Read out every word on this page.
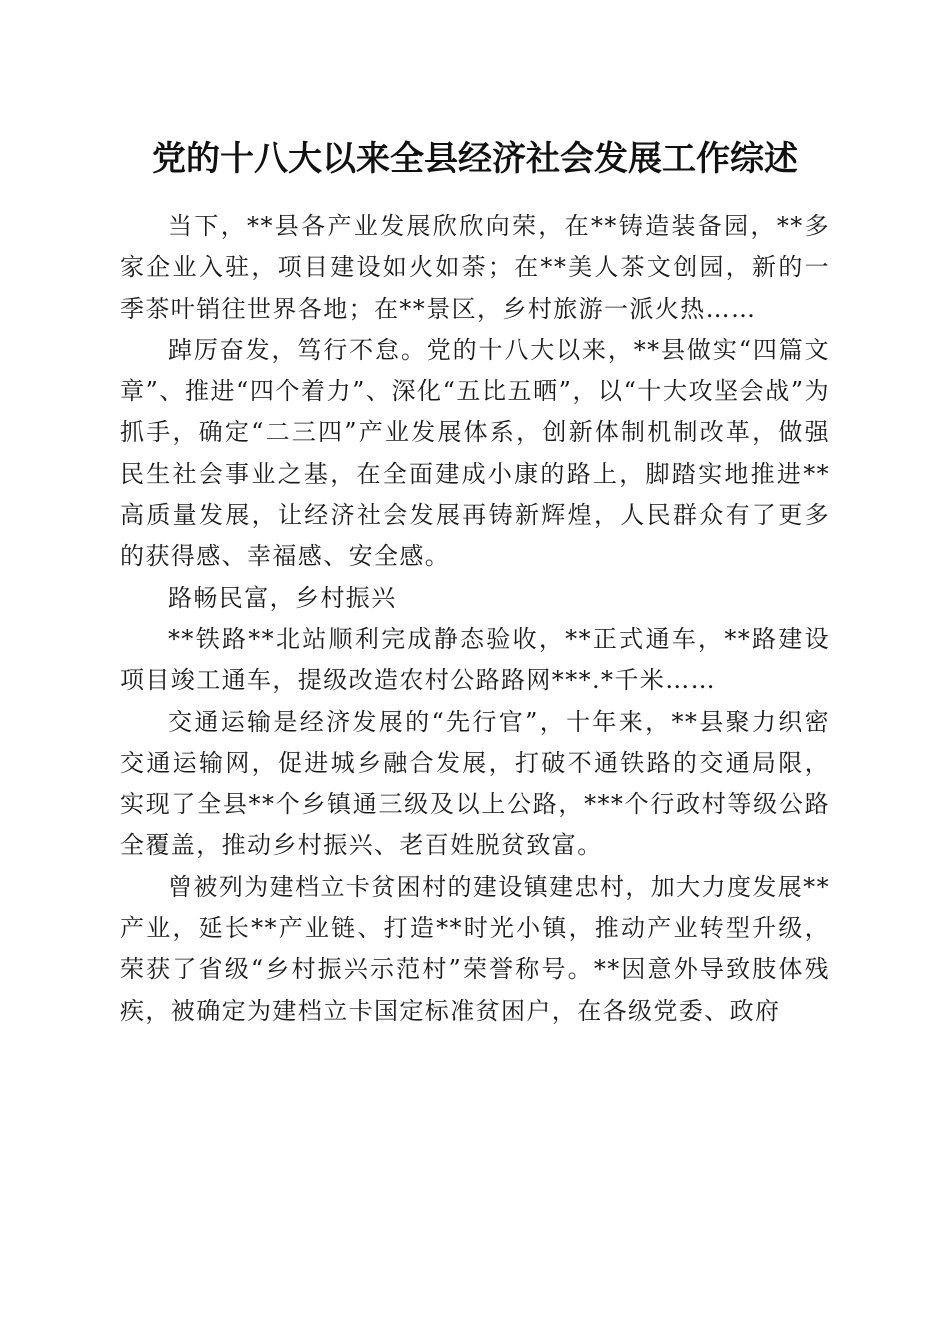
党的十八大以来全县经济社会发展工作综述

当下，**县各产业发展欣欣向荣，在**铸造装备园，**多家企业入驻，项目建设如火如荼；在**美人茶文创园，新的一季茶叶销往世界各地；在**景区，乡村旅游一派火热……

踔厉奋发，笃行不怠。党的十八大以来，**县做实“四篇文章”、推进“四个着力”、深化“五比五晒”，以“十大攻坚会战”为抓手，确定“二三四”产业发展体系，创新体制机制改革，做强民生社会事业之基，在全面建成小康的路上，脚踏实地推进**高质量发展，让经济社会发展再铸新辉煌，人民群众有了更多的获得感、幸福感、安全感。

路畅民富，乡村振兴

**铁路**北站顺利完成静态验收，**正式通车，**路建设项目竣工通车，提级改造农村公路路网***.*千米……

交通运输是经济发展的“先行官”，十年来，**县聚力织密交通运输网，促进城乡融合发展，打破不通铁路的交通局限，实现了全县**个乡镇通三级及以上公路，***个行政村等级公路全覆盖，推动乡村振兴、老百姓脱贫致富。

曾被列为建档立卡贫困村的建设镇建忠村，加大力度发展**产业，延长**产业链、打造**时光小镇，推动产业转型升级，荣获了省级“乡村振兴示范村”荣誉称号。**因意外导致肢体残疾，被确定为建档立卡国定标准贫困户，在各级党委、政府
